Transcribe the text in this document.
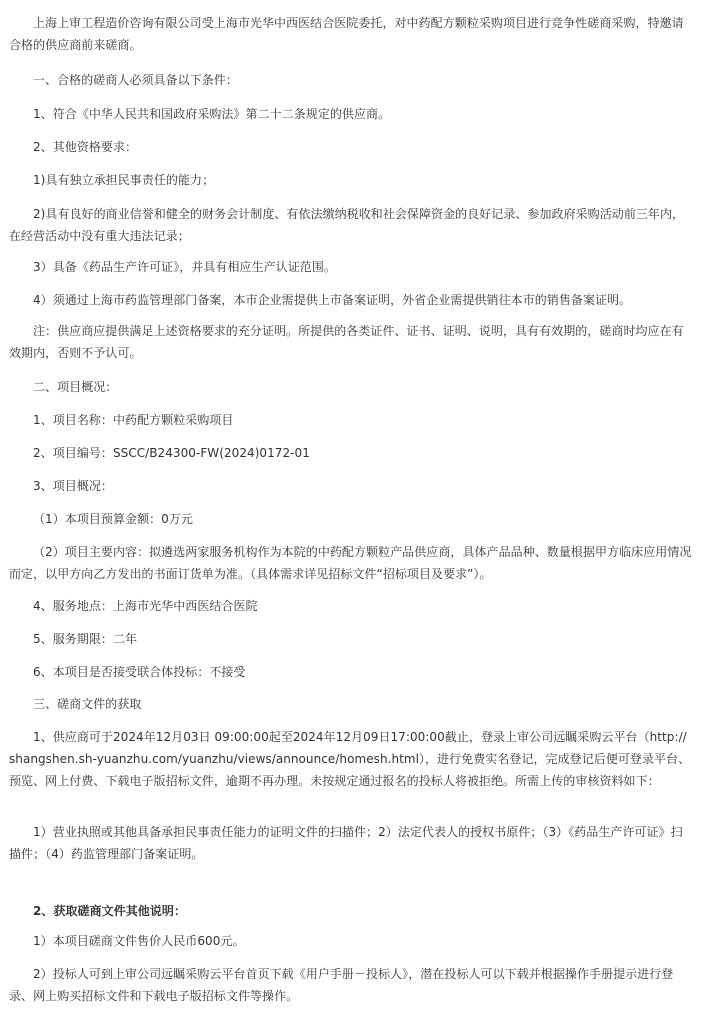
上海上审工程造价咨询有限公司受上海市光华中西医结合医院委托，对中药配方颗粒采购项目进行竞争性磋商采购，特邀请合格的供应商前来磋商。

一、合格的磋商人必须具备以下条件：

1、符合《中华人民共和国政府采购法》第二十二条规定的供应商。

2、其他资格要求：

1)具有独立承担民事责任的能力；

2)具有良好的商业信誉和健全的财务会计制度、有依法缴纳税收和社会保障资金的良好记录、参加政府采购活动前三年内，在经营活动中没有重大违法记录；

3）具备《药品生产许可证》，并具有相应生产认证范围。

4）须通过上海市药监管理部门备案，本市企业需提供上市备案证明，外省企业需提供销往本市的销售备案证明。

注：供应商应提供满足上述资格要求的充分证明。所提供的各类证件、证书、证明、说明，具有有效期的，磋商时均应在有效期内，否则不予认可。

二、项目概况：

1、项目名称：中药配方颗粒采购项目

2、项目编号：SSCC/B24300-FW(2024)0172-01

3、项目概况：

（1）本项目预算金额：0万元

（2）项目主要内容：拟遴选两家服务机构作为本院的中药配方颗粒产品供应商，具体产品品种、数量根据甲方临床应用情况而定，以甲方向乙方发出的书面订货单为准。（具体需求详见招标文件“招标项目及要求”）。

4、服务地点：上海市光华中西医结合医院

5、服务期限：二年

6、本项目是否接受联合体投标：不接受

三、磋商文件的获取

1、供应商可于2024年12月03日 09:00:00起至2024年12月09日17:00:00截止，登录上审公司远瞩采购云平台（http://shangshen.sh-yuanzhu.com/yuanzhu/views/announce/homesh.html），进行免费实名登记，完成登记后便可登录平台、预览、网上付费、下载电子版招标文件，逾期不再办理。未按规定通过报名的投标人将被拒绝。所需上传的审核资料如下：

1）营业执照或其他具备承担民事责任能力的证明文件的扫描件；2）法定代表人的授权书原件；（3）《药品生产许可证》扫描件；（4）药监管理部门备案证明。

2、获取磋商文件其他说明：

1）本项目磋商文件售价人民币600元。

2）投标人可到上审公司远瞩采购云平台首页下载《用户手册－投标人》，潜在投标人可以下载并根据操作手册提示进行登录、网上购买招标文件和下载电子版招标文件等操作。
